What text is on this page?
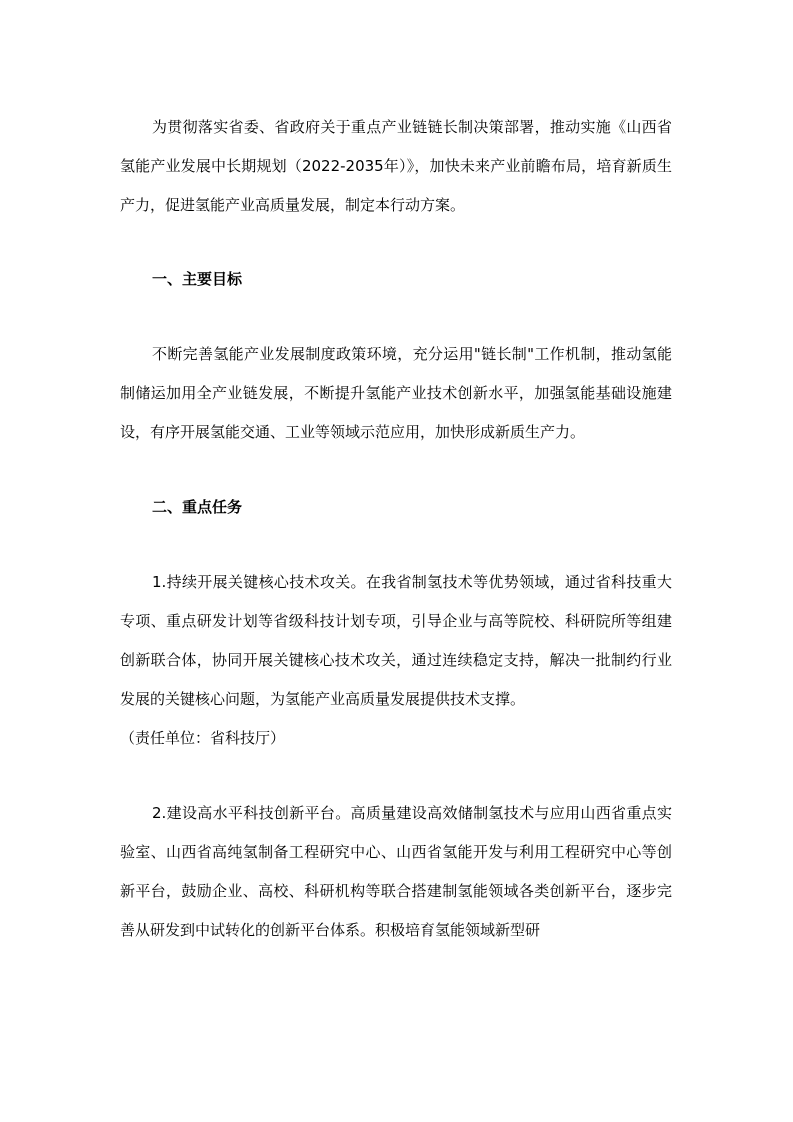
为贯彻落实省委、省政府关于重点产业链链长制决策部署，推动实施《山西省氢能产业发展中长期规划（2022-2035年）》，加快未来产业前瞻布局，培育新质生产力，促进氢能产业高质量发展，制定本行动方案。

一、主要目标

不断完善氢能产业发展制度政策环境，充分运用"链长制"工作机制，推动氢能制储运加用全产业链发展，不断提升氢能产业技术创新水平，加强氢能基础设施建设，有序开展氢能交通、工业等领域示范应用，加快形成新质生产力。

二、重点任务

1.持续开展关键核心技术攻关。在我省制氢技术等优势领域，通过省科技重大专项、重点研发计划等省级科技计划专项，引导企业与高等院校、科研院所等组建创新联合体，协同开展关键核心技术攻关，通过连续稳定支持，解决一批制约行业发展的关键核心问题，为氢能产业高质量发展提供技术支撑。

（责任单位：省科技厅）

2.建设高水平科技创新平台。高质量建设高效储制氢技术与应用山西省重点实验室、山西省高纯氢制备工程研究中心、山西省氢能开发与利用工程研究中心等创新平台，鼓励企业、高校、科研机构等联合搭建制氢能领域各类创新平台，逐步完善从研发到中试转化的创新平台体系。积极培育氢能领域新型研
